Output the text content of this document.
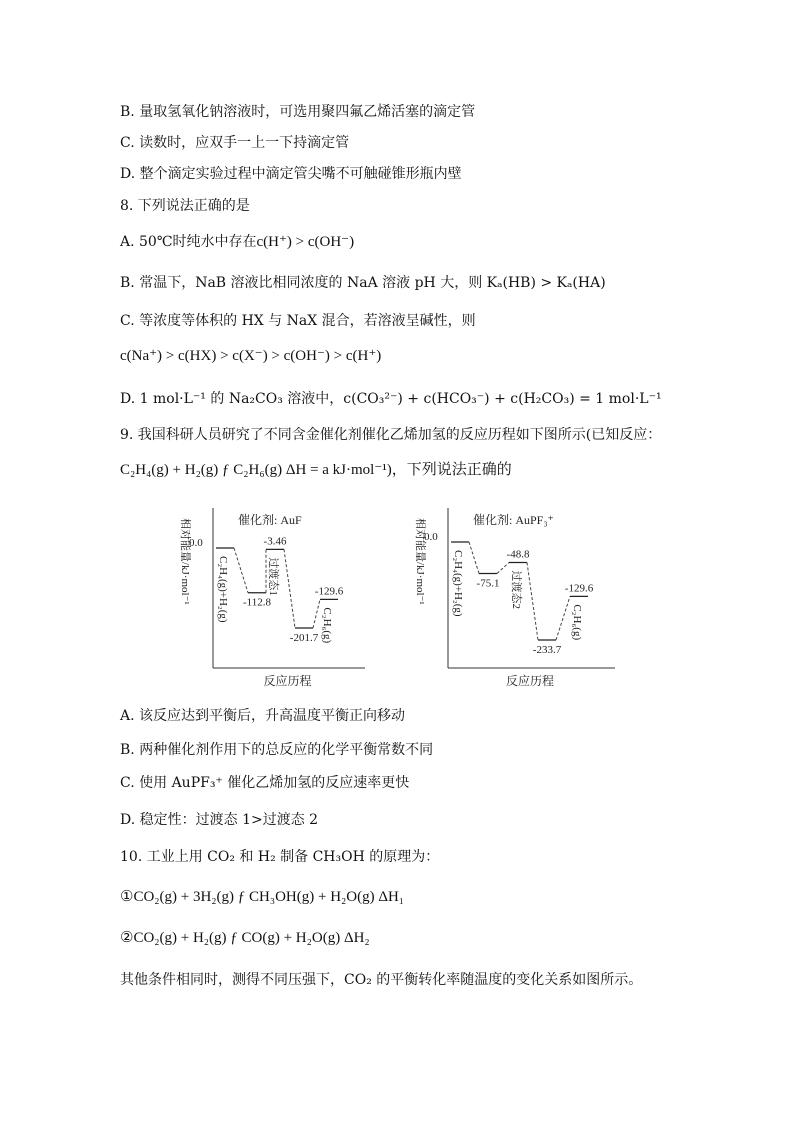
B. 量取氢氧化钠溶液时，可选用聚四氟乙烯活塞的滴定管
C. 读数时，应双手一上一下持滴定管
D. 整个滴定实验过程中滴定管尖嘴不可触碰锥形瓶内壁
8. 下列说法正确的是
A. 50℃时纯水中存在c(H⁺) > c(OH⁻)
B. 常温下，NaB 溶液比相同浓度的 NaA 溶液 pH 大，则 Kₐ(HB) > Kₐ(HA)
C. 等浓度等体积的 HX 与 NaX 混合，若溶液呈碱性，则
c(Na⁺) > c(HX) > c(X⁻) > c(OH⁻) > c(H⁺)
D. 1 mol·L⁻¹ 的 Na₂CO₃ 溶液中，c(CO₃²⁻) + c(HCO₃⁻) + c(H₂CO₃) = 1 mol·L⁻¹
9. 我国科研人员研究了不同含金催化剂催化乙烯加氢的反应历程如下图所示(已知反应：
C₂H₄(g) + H₂(g) ƒ C₂H₆(g) ΔH = a kJ·mol⁻¹)，下列说法正确的
相对能量/kJ·mol⁻¹
反应历程
催化剂: AuF
0.0
C₂H₄(g)+H₂(g) -112.8
-3.46
过渡态1
-201.7
-129.6
C₂H₆(g)
相对能量/kJ·mol⁻¹
反应历程
催化剂: AuPF₃⁺
0.0
C₂H₄(g)+H₂(g) -75.1
-48.8
过渡态2
-233.7
-129.6
C₂H₆(g)
A. 该反应达到平衡后，升高温度平衡正向移动
B. 两种催化剂作用下的总反应的化学平衡常数不同
C. 使用 AuPF₃⁺ 催化乙烯加氢的反应速率更快
D. 稳定性：过渡态 1>过渡态 2
10. 工业上用 CO₂ 和 H₂ 制备 CH₃OH 的原理为：
①CO₂(g) + 3H₂(g) ƒ CH₃OH(g) + H₂O(g) ΔH₁
②CO₂(g) + H₂(g) ƒ CO(g) + H₂O(g) ΔH₂
其他条件相同时，测得不同压强下，CO₂ 的平衡转化率随温度的变化关系如图所示。
